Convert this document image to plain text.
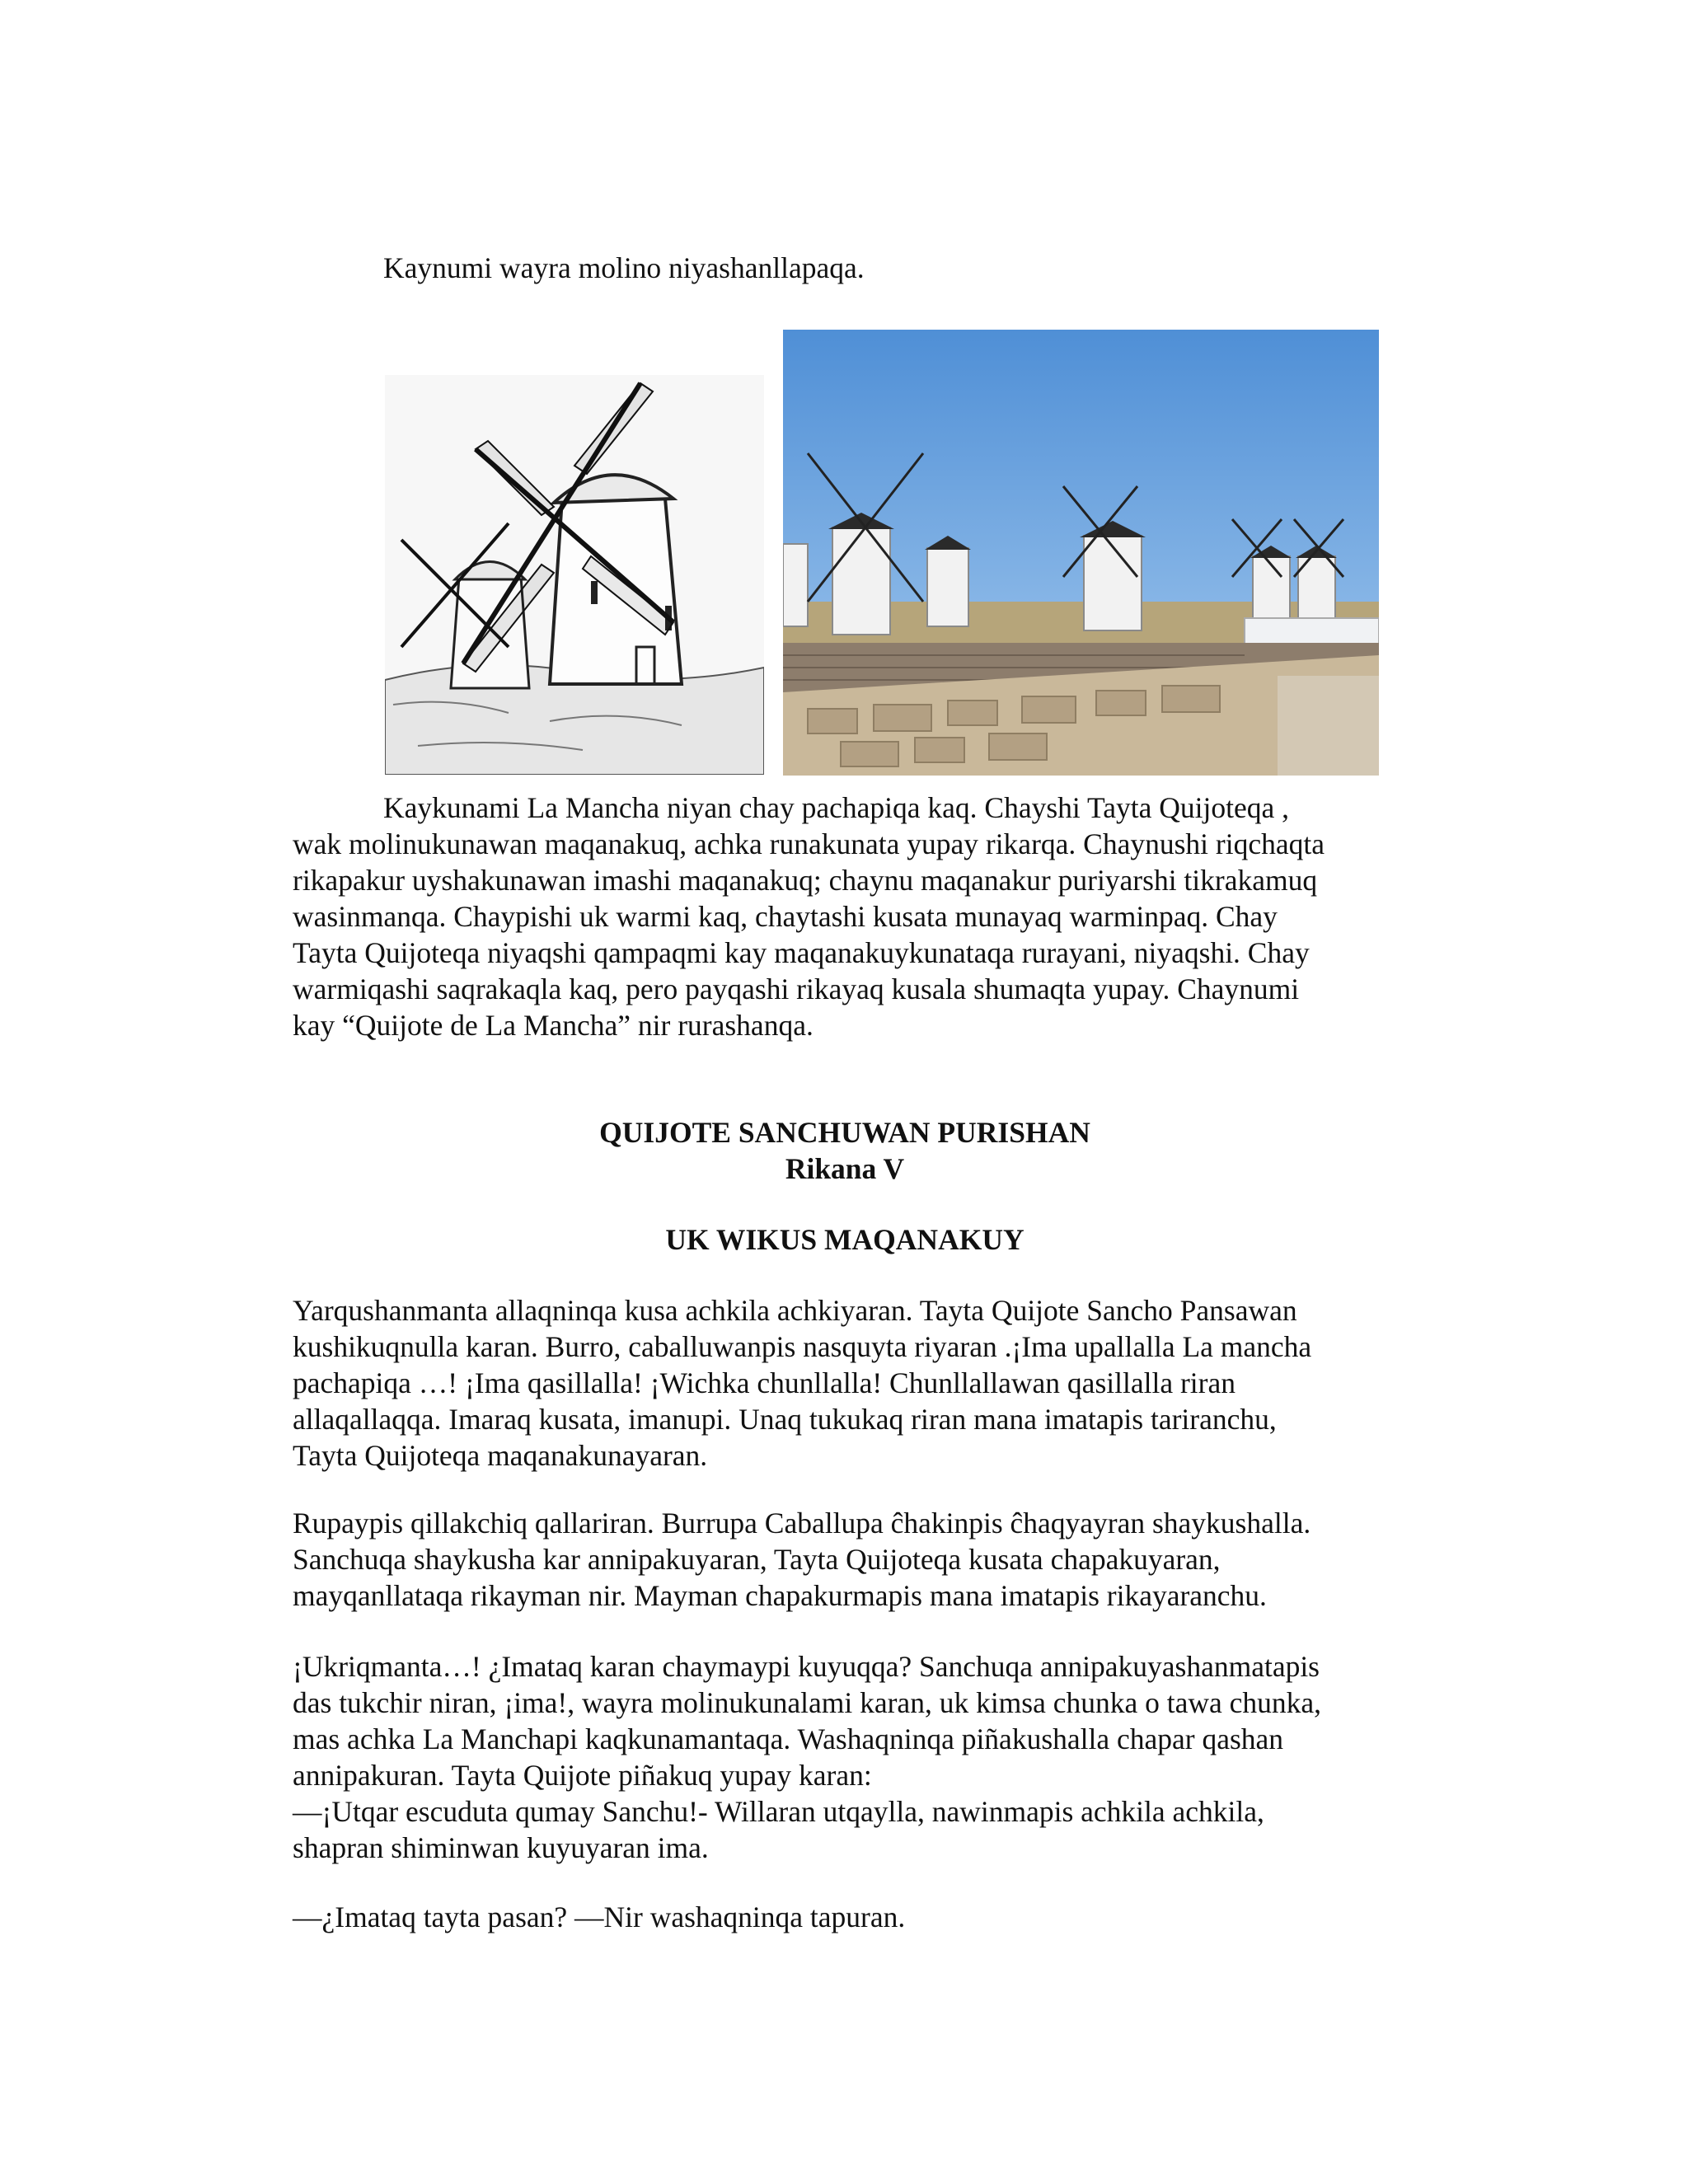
Kaynumi wayra molino niyashanllapaqa.
Kaykunami La Mancha niyan chay pachapiqa kaq. Chayshi Tayta Quijoteqa ,
wak molinukunawan maqanakuq, achka runakunata yupay rikarqa. Chaynushi riqchaqta
rikapakur uyshakunawan imashi maqanakuq; chaynu maqanakur puriyarshi tikrakamuq
wasinmanqa. Chaypishi uk warmi kaq, chaytashi kusata munayaq warminpaq. Chay
Tayta Quijoteqa niyaqshi qampaqmi kay maqanakuykunataqa rurayani, niyaqshi. Chay
warmiqashi saqrakaqla kaq, pero payqashi rikayaq kusala shumaqta yupay. Chaynumi
kay “Quijote de La Mancha” nir rurashanqa.
QUIJOTE SANCHUWAN PURISHAN
Rikana V
UK WIKUS MAQANAKUY
Yarqushanmanta allaqninqa kusa achkila achkiyaran. Tayta Quijote Sancho Pansawan
kushikuqnulla karan. Burro, caballuwanpis nasquyta riyaran .¡Ima upallalla La mancha
pachapiqa …! ¡Ima qasillalla! ¡Wichka chunllalla! Chunllallawan qasillalla riran
allaqallaqqa. Imaraq kusata, imanupi. Unaq tukukaq riran mana imatapis tariranchu,
Tayta Quijoteqa maqanakunayaran.
Rupaypis qillakchiq qallariran. Burrupa Caballupa ĉhakinpis ĉhaqyayran shaykushalla.
Sanchuqa shaykusha kar annipakuyaran, Tayta Quijoteqa kusata chapakuyaran,
mayqanllataqa rikayman nir. Mayman chapakurmapis mana imatapis rikayaranchu.
¡Ukriqmanta…! ¿Imataq karan chaymaypi kuyuqqa? Sanchuqa annipakuyashanmatapis
das tukchir niran, ¡ima!, wayra molinukunalami karan, uk kimsa chunka o tawa chunka,
mas achka La Manchapi kaqkunamantaqa. Washaqninqa piñakushalla chapar qashan
annipakuran. Tayta Quijote piñakuq yupay karan:
—¡Utqar escuduta qumay Sanchu!- Willaran utqaylla, nawinmapis achkila achkila,
shapran shiminwan kuyuyaran ima.
—¿Imataq tayta pasan? —Nir washaqninqa tapuran.
